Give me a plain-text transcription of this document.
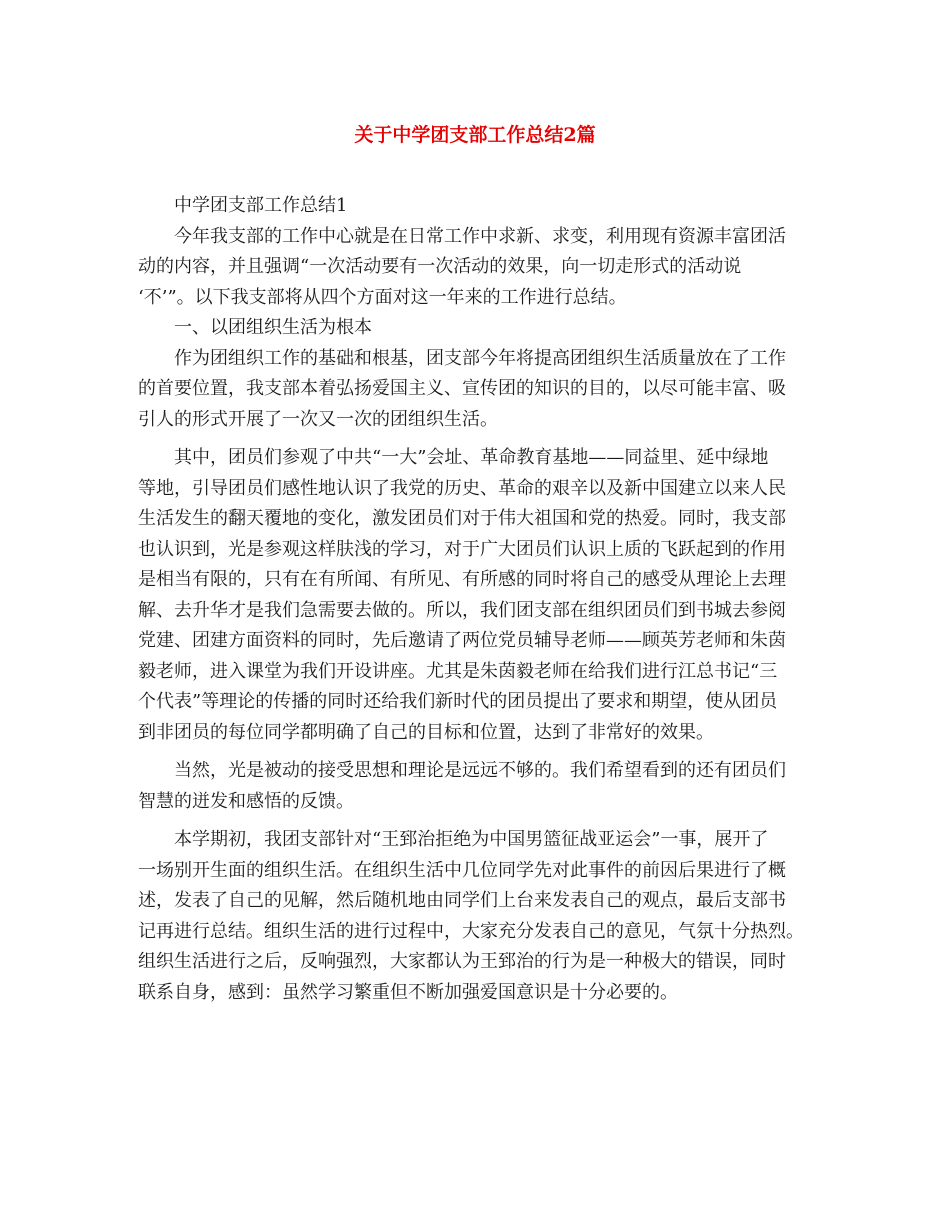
关于中学团支部工作总结2篇
中学团支部工作总结1
今年我支部的工作中心就是在日常工作中求新、求变，利用现有资源丰富团活
动的内容，并且强调“一次活动要有一次活动的效果，向一切走形式的活动说
‘不’”。以下我支部将从四个方面对这一年来的工作进行总结。
一、以团组织生活为根本
作为团组织工作的基础和根基，团支部今年将提高团组织生活质量放在了工作
的首要位置，我支部本着弘扬爱国主义、宣传团的知识的目的，以尽可能丰富、吸
引人的形式开展了一次又一次的团组织生活。
其中，团员们参观了中共“一大”会址、革命教育基地——同益里、延中绿地
等地，引导团员们感性地认识了我党的历史、革命的艰辛以及新中国建立以来人民
生活发生的翻天覆地的变化，激发团员们对于伟大祖国和党的热爱。同时，我支部
也认识到，光是参观这样肤浅的学习，对于广大团员们认识上质的飞跃起到的作用
是相当有限的，只有在有所闻、有所见、有所感的同时将自己的感受从理论上去理
解、去升华才是我们急需要去做的。所以，我们团支部在组织团员们到书城去参阅
党建、团建方面资料的同时，先后邀请了两位党员辅导老师——顾英芳老师和朱茵
毅老师，进入课堂为我们开设讲座。尤其是朱茵毅老师在给我们进行江总书记“三
个代表”等理论的传播的同时还给我们新时代的团员提出了要求和期望，使从团员
到非团员的每位同学都明确了自己的目标和位置，达到了非常好的效果。
当然，光是被动的接受思想和理论是远远不够的。我们希望看到的还有团员们
智慧的迸发和感悟的反馈。
本学期初，我团支部针对“王郅治拒绝为中国男篮征战亚运会”一事，展开了
一场别开生面的组织生活。在组织生活中几位同学先对此事件的前因后果进行了概
述，发表了自己的见解，然后随机地由同学们上台来发表自己的观点，最后支部书
记再进行总结。组织生活的进行过程中，大家充分发表自己的意见，气氛十分热烈。
组织生活进行之后，反响强烈，大家都认为王郅治的行为是一种极大的错误，同时
联系自身，感到：虽然学习繁重但不断加强爱国意识是十分必要的。
